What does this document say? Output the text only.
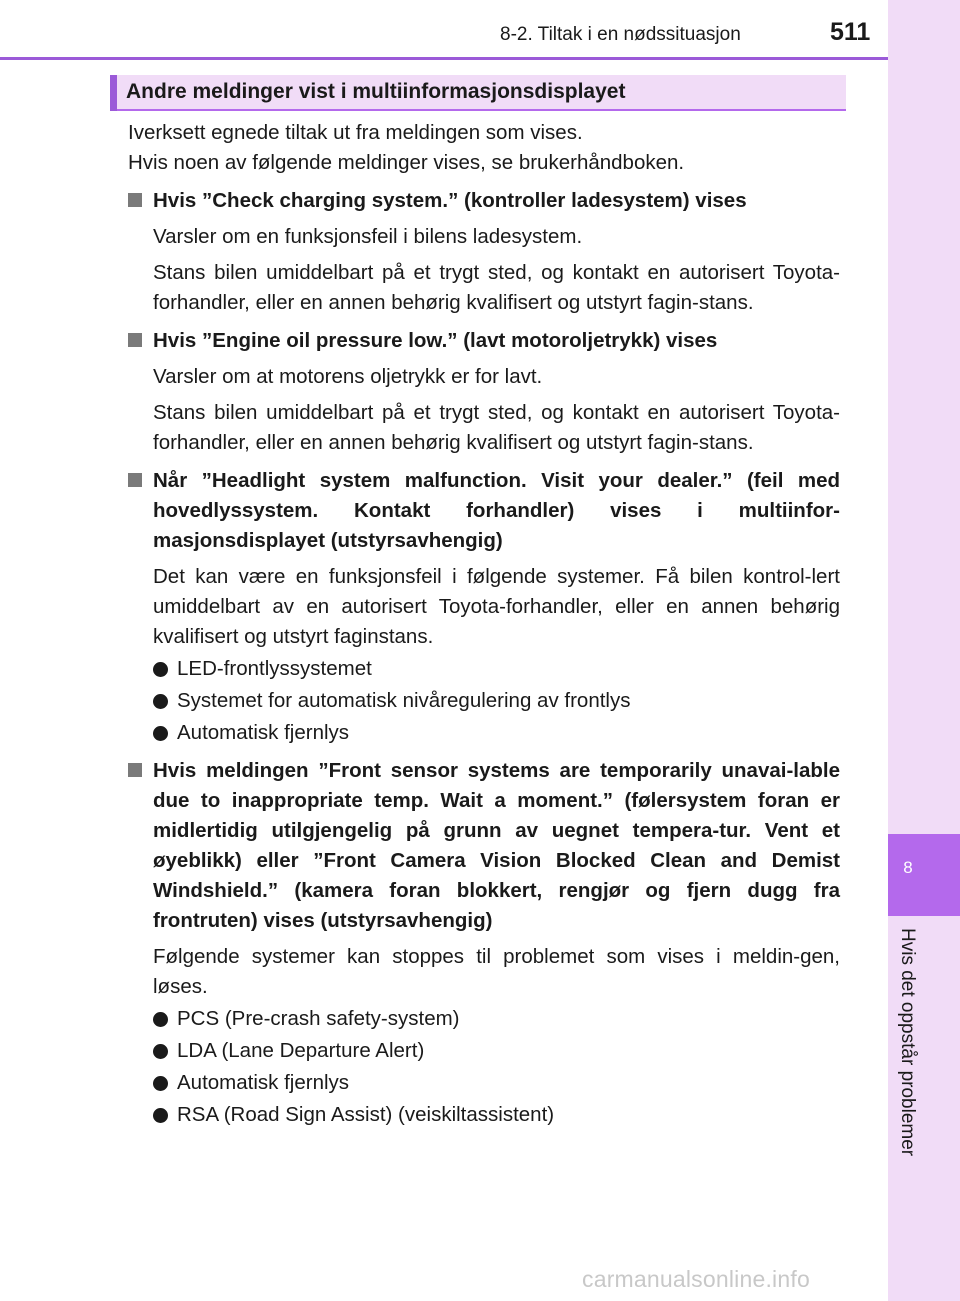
8
Hvis det oppstår problemer
8-2. Tiltak i en nødssituasjon	511
Andre meldinger vist i multiinformasjonsdisplayet

Iverksett egnede tiltak ut fra meldingen som vises.

Hvis noen av følgende meldinger vises, se brukerhåndboken.

Hvis ”Check charging system.” (kontroller ladesystem) vises

Varsler om en funksjonsfeil i bilens ladesystem.

Stans bilen umiddelbart på et trygt sted, og kontakt en autorisert Toyota-forhandler, eller en annen behørig kvalifisert og utstyrt fagin-stans.

Hvis ”Engine oil pressure low.” (lavt motoroljetrykk) vises

Varsler om at motorens oljetrykk er for lavt.

Stans bilen umiddelbart på et trygt sted, og kontakt en autorisert Toyota-forhandler, eller en annen behørig kvalifisert og utstyrt fagin-stans.

Når ”Headlight system malfunction. Visit your dealer.” (feil med hovedlyssystem. Kontakt forhandler) vises i multiinfor-masjonsdisplayet (utstyrsavhengig)

Det kan være en funksjonsfeil i følgende systemer. Få bilen kontrol-lert umiddelbart av en autorisert Toyota-forhandler, eller en annen behørig kvalifisert og utstyrt faginstans.

LED-frontlyssystemet
Systemet for automatisk nivåregulering av frontlys
Automatisk fjernlys

Hvis meldingen ”Front sensor systems are temporarily unavai-lable due to inappropriate temp. Wait a moment.” (følersystem foran er midlertidig utilgjengelig på grunn av uegnet tempera-tur. Vent et øyeblikk) eller ”Front Camera Vision Blocked Clean and Demist Windshield.” (kamera foran blokkert, rengjør og fjern dugg fra frontruten) vises (utstyrsavhengig)

Følgende systemer kan stoppes til problemet som vises i meldin-gen, løses.

PCS (Pre-crash safety-system)
LDA (Lane Departure Alert)
Automatisk fjernlys
RSA (Road Sign Assist) (veiskiltassistent)
carmanualsonline.info
